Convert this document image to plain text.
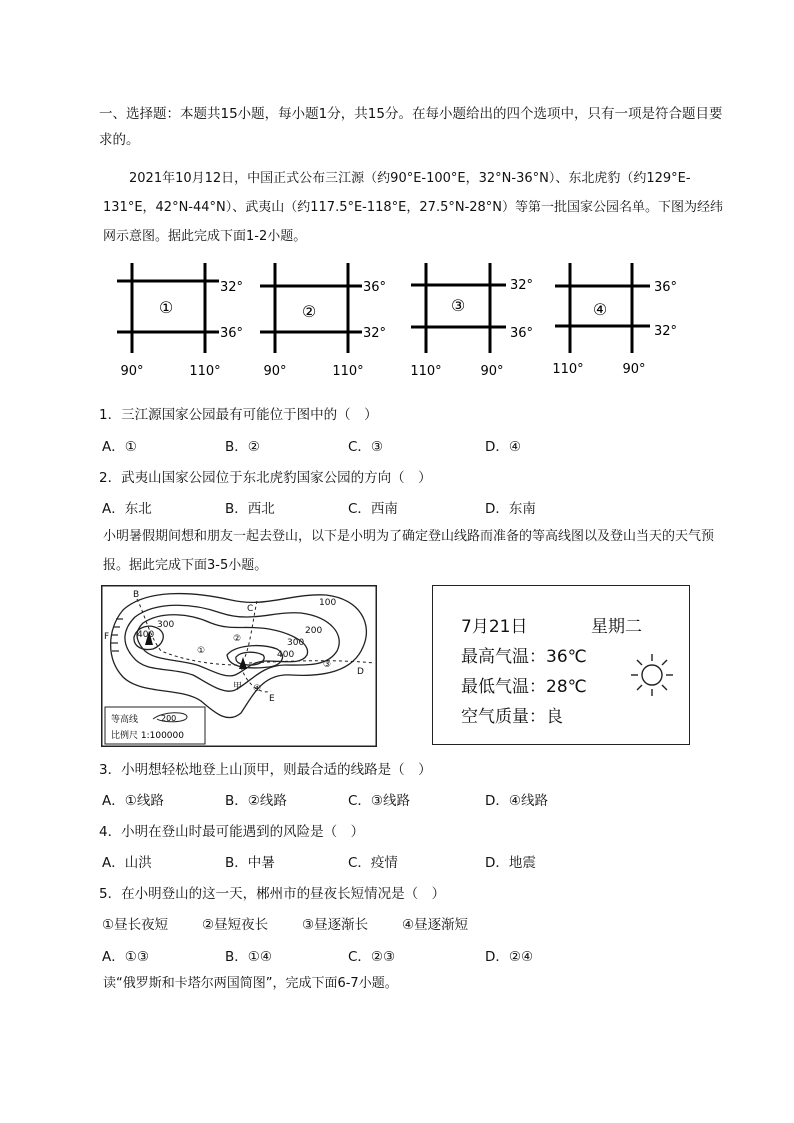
一、选择题：本题共15小题，每小题1分，共15分。在每小题给出的四个选项中，只有一项是符合题目要求的。

2021年10月12日，中国正式公布三江源（约90°E-100°E，32°N-36°N）、东北虎豹（约129°E-131°E，42°N-44°N）、武夷山（约117.5°E-118°E，27.5°N-28°N）等第一批国家公园名单。下图为经纬网示意图。据此完成下面1-2小题。

①
32°
36°
90°	110°
②
36°
32°
90°	110°
③
32°
36°
110°	90°
④
36°
32°
110°	90°

1．三江源国家公园最有可能位于图中的（　）

A．①	B．②	C．③	D．④

2．武夷山国家公园位于东北虎豹国家公园的方向（　）

A．东北	B．西北	C．西南	D．东南

小明暑假期间想和朋友一起去登山，以下是小明为了确定登山线路而准备的等高线图以及登山当天的天气预报。据此完成下面3-5小题。

B
C
D
E
F
甲
100
200
300
400
300
400
①
②
③
④
等高线	200
比例尺 1:100000
7月21日	星期二
最高气温：36℃
最低气温：28℃
空气质量：良

3．小明想轻松地登上山顶甲，则最合适的线路是（　）

A．①线路	B．②线路	C．③线路	D．④线路

4．小明在登山时最可能遇到的风险是（　）

A．山洪	B．中暑	C．疫情	D．地震

5．在小明登山的这一天，郴州市的昼夜长短情况是（　）

①昼长夜短	②昼短夜长	③昼逐渐长	④昼逐渐短
A．①③	B．①④	C．②③	D．②④

读“俄罗斯和卡塔尔两国简图”，完成下面6-7小题。
